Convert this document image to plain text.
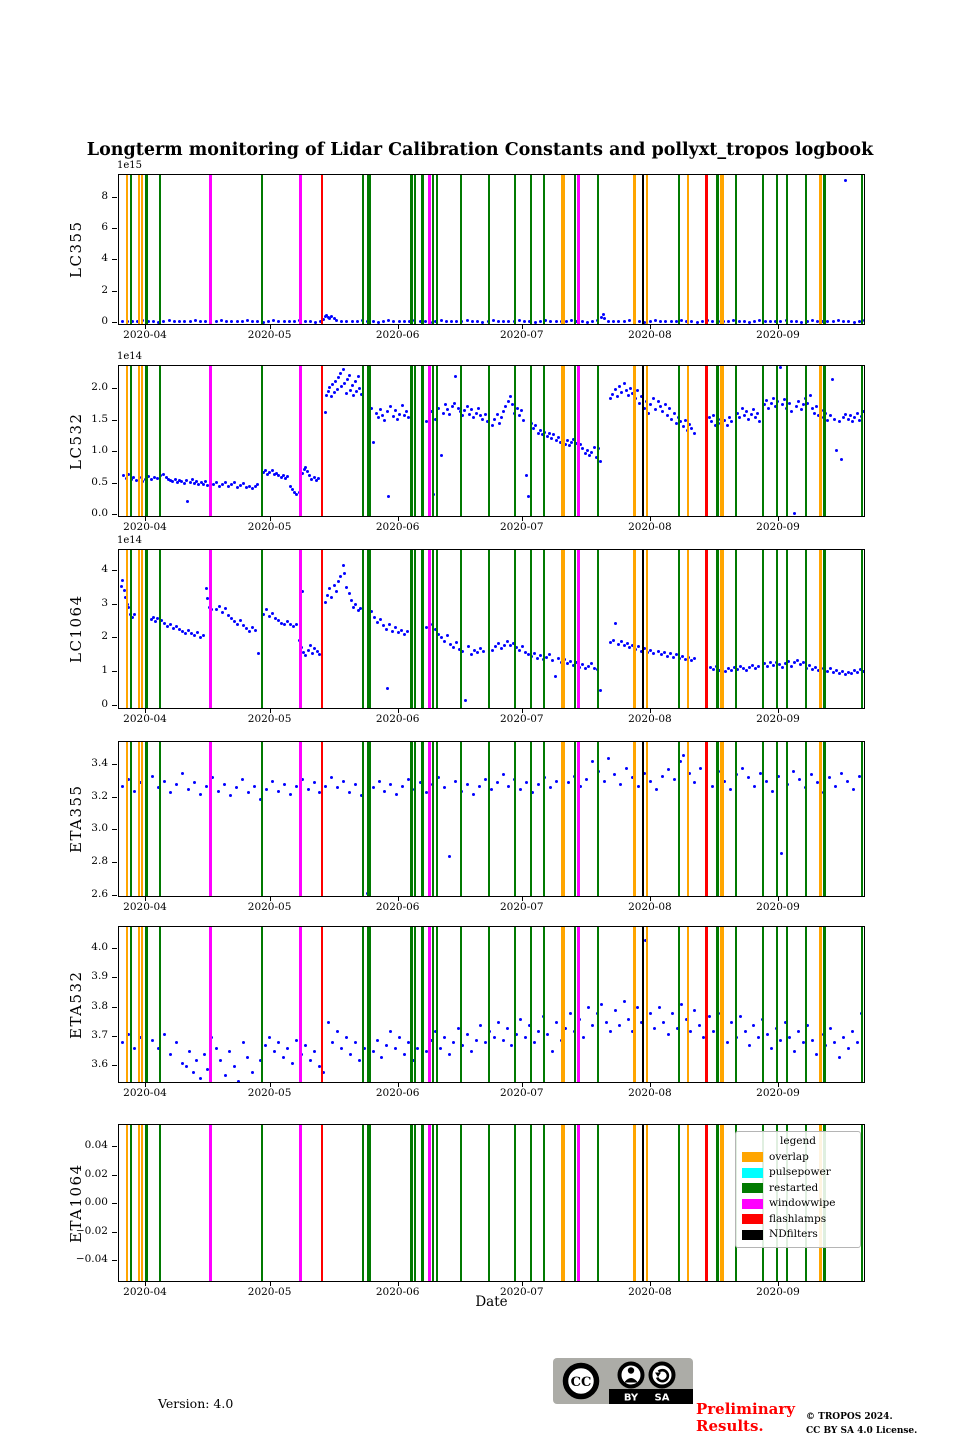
Longterm monitoring of Lidar Calibration Constants and pollyxt_tropos logbook
0
2
4
6
8
2020-04	2020-05	2020-06	2020-07	2020-08	2020-09
LC355
1e15
0.0
0.5
1.0
1.5
2.0
2020-04	2020-05	2020-06	2020-07	2020-08	2020-09
LC532
1e14
0
1
2
3
4
2020-04	2020-05	2020-06	2020-07	2020-08	2020-09
LC1064
1e14
2.6
2.8
3.0
3.2
3.4
2020-04	2020-05	2020-06	2020-07	2020-08	2020-09
ETA355
3.6
3.7
3.8
3.9
4.0
2020-04	2020-05	2020-06	2020-07	2020-08	2020-09
ETA532
legend
overlap
pulsepower
restarted
windowwipe
flashlamps
NDfilters
−0.04
−0.02
0.00
0.02
0.04
2020-04	2020-05	2020-06	2020-07	2020-08	2020-09
ETA1064
Date
Version: 4.0
CC
BY SA
Preliminary
Results.	© TROPOS 2024.
CC BY SA 4.0 License.
